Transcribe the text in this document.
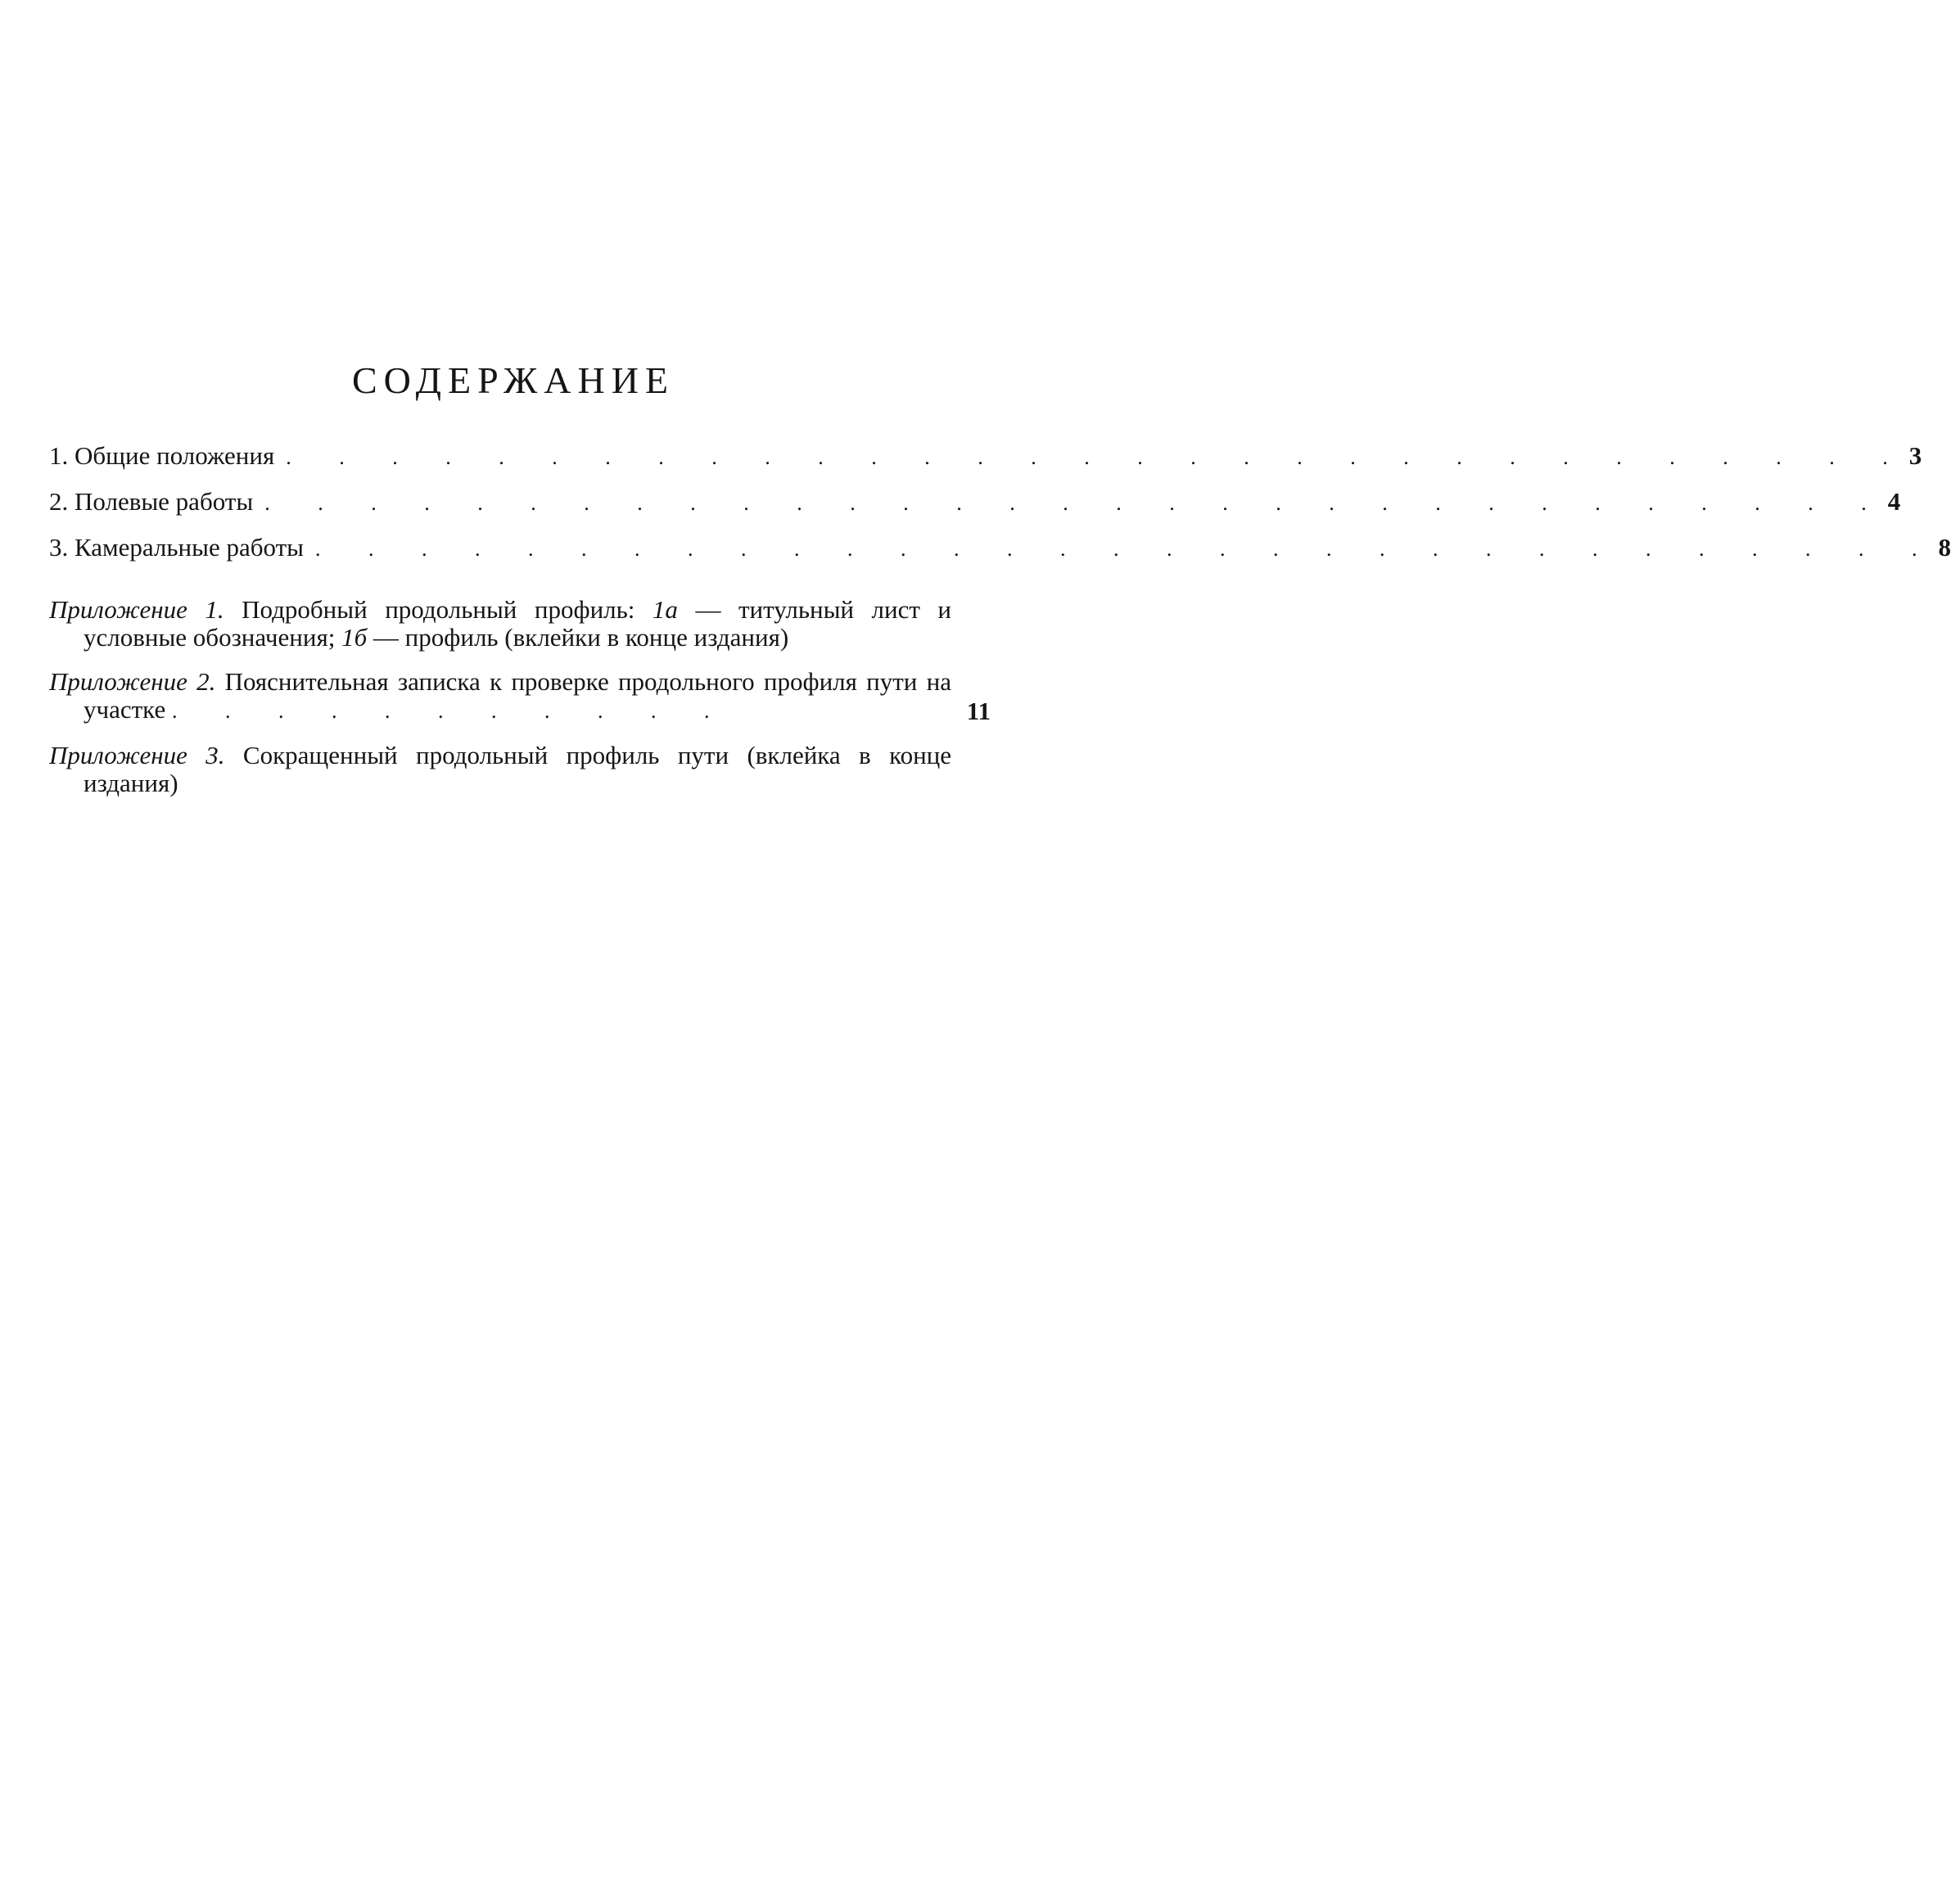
СОДЕРЖАНИЕ
1. Общие положения . . . . . . . . . . . . . . . . . . . . . . . . . . . . . . . 3
2. Полевые работы . . . . . . . . . . . . . . . . . . . . . . . . . . . . . . . 4
3. Камеральные работы . . . . . . . . . . . . . . . . . . . . . . . . . . . . . . . 8
Приложение 1. Подробный продольный профиль: 1а — титульный лист и условные обозначения; 1б — профиль (вклейки в конце издания)
Приложение 2. Пояснительная записка к проверке продольного профиля пути на участке . . . . . . . . . . .	11
Приложение 3. Сокращенный продольный профиль пути (вклейка в конце издания)
